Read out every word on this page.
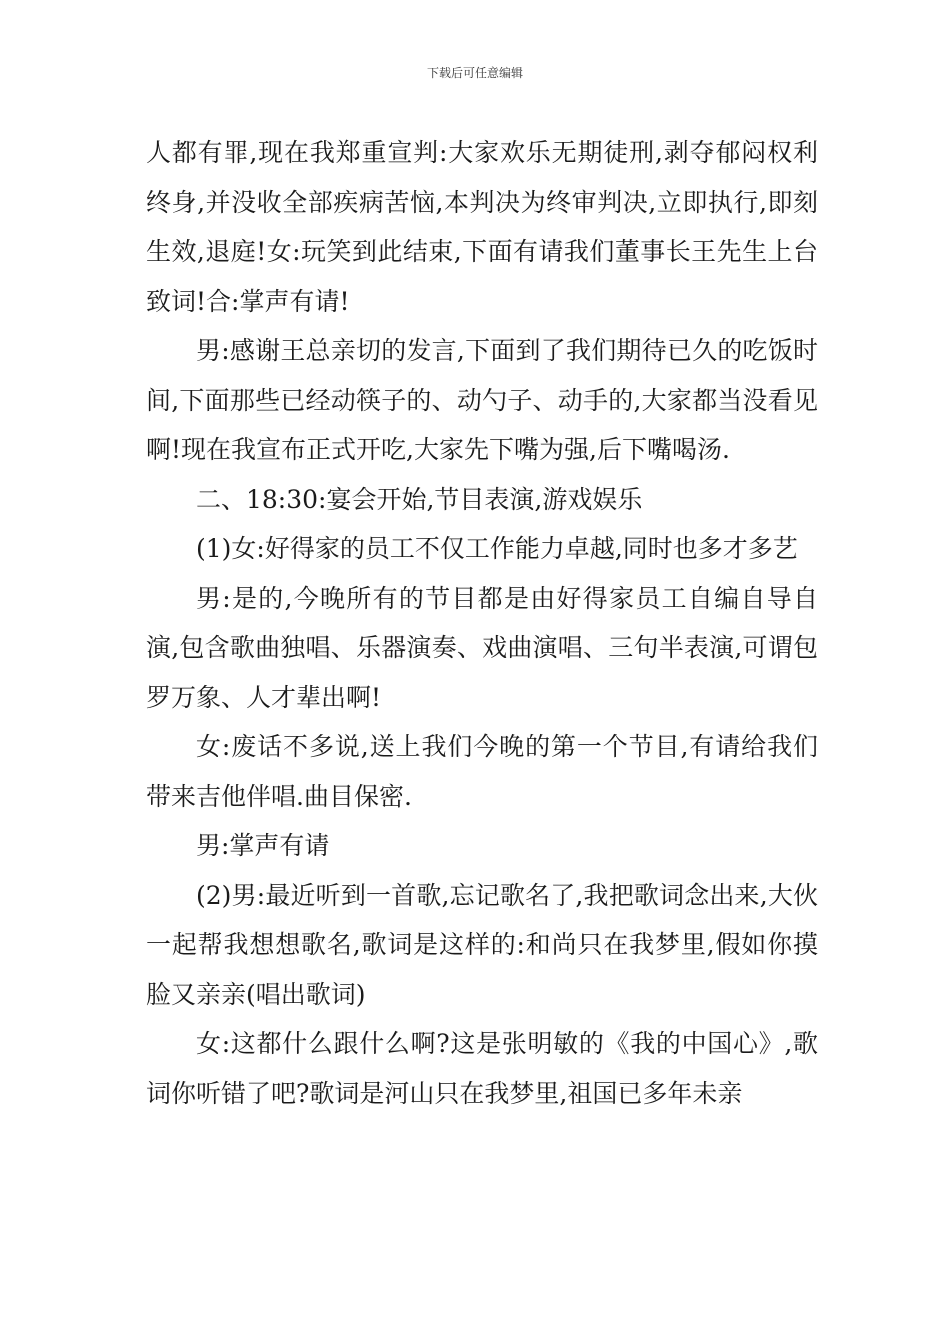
下载后可任意编辑

人都有罪,现在我郑重宣判:大家欢乐无期徒刑,剥夺郁闷权利终身,并没收全部疾病苦恼,本判决为终审判决,立即执行,即刻生效,退庭!女:玩笑到此结束,下面有请我们董事长王先生上台致词!合:掌声有请!

男:感谢王总亲切的发言,下面到了我们期待已久的吃饭时间,下面那些已经动筷子的、动勺子、动手的,大家都当没看见啊!现在我宣布正式开吃,大家先下嘴为强,后下嘴喝汤.

二、18:30:宴会开始,节目表演,游戏娱乐

(1)女:好得家的员工不仅工作能力卓越,同时也多才多艺

男:是的,今晚所有的节目都是由好得家员工自编自导自演,包含歌曲独唱、乐器演奏、戏曲演唱、三句半表演,可谓包罗万象、人才辈出啊!

女:废话不多说,送上我们今晚的第一个节目,有请给我们带来吉他伴唱.曲目保密.

男:掌声有请

(2)男:最近听到一首歌,忘记歌名了,我把歌词念出来,大伙一起帮我想想歌名,歌词是这样的:和尚只在我梦里,假如你摸脸又亲亲(唱出歌词)

女:这都什么跟什么啊?这是张明敏的《我的中国心》,歌词你听错了吧?歌词是河山只在我梦里,祖国已多年未亲
